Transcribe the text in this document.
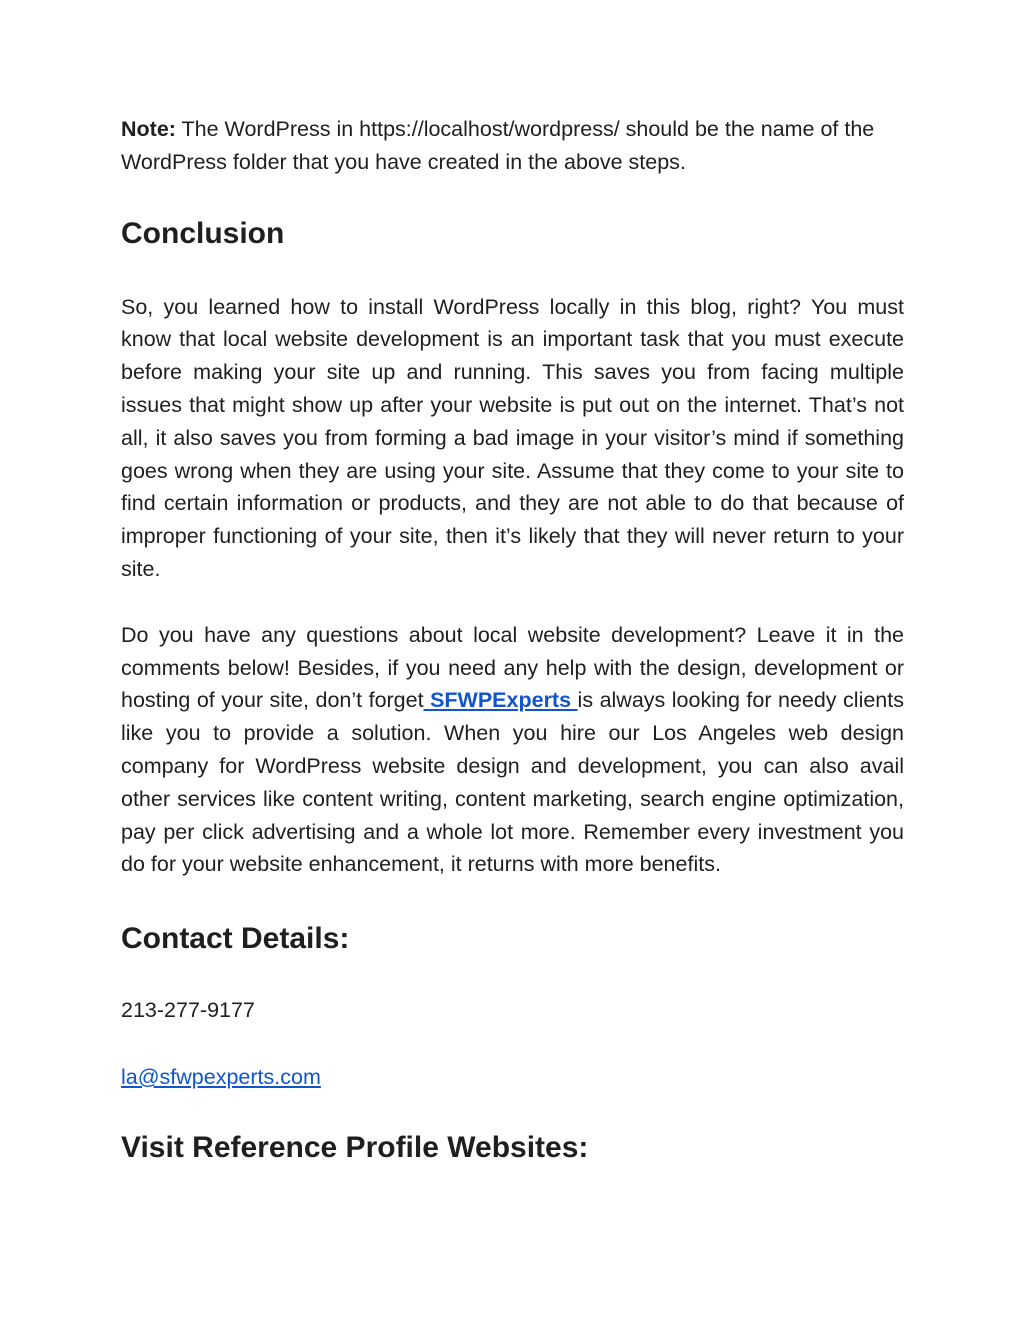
Note: The WordPress in https://localhost/wordpress/ should be the name of the WordPress folder that you have created in the above steps.

Conclusion

So, you learned how to install WordPress locally in this blog, right? You must know that local website development is an important task that you must execute before making your site up and running. This saves you from facing multiple issues that might show up after your website is put out on the internet. That’s not all, it also saves you from forming a bad image in your visitor’s mind if something goes wrong when they are using your site. Assume that they come to your site to find certain information or products, and they are not able to do that because of improper functioning of your site, then it’s likely that they will never return to your site.

Do you have any questions about local website development? Leave it in the comments below! Besides, if you need any help with the design, development or hosting of your site, don’t forget SFWPExperts is always looking for needy clients like you to provide a solution. When you hire our Los Angeles web design company for WordPress website design and development, you can also avail other services like content writing, content marketing, search engine optimization, pay per click advertising and a whole lot more. Remember every investment you do for your website enhancement, it returns with more benefits.

Contact Details:

213-277-9177

la@sfwpexperts.com

Visit Reference Profile Websites:
